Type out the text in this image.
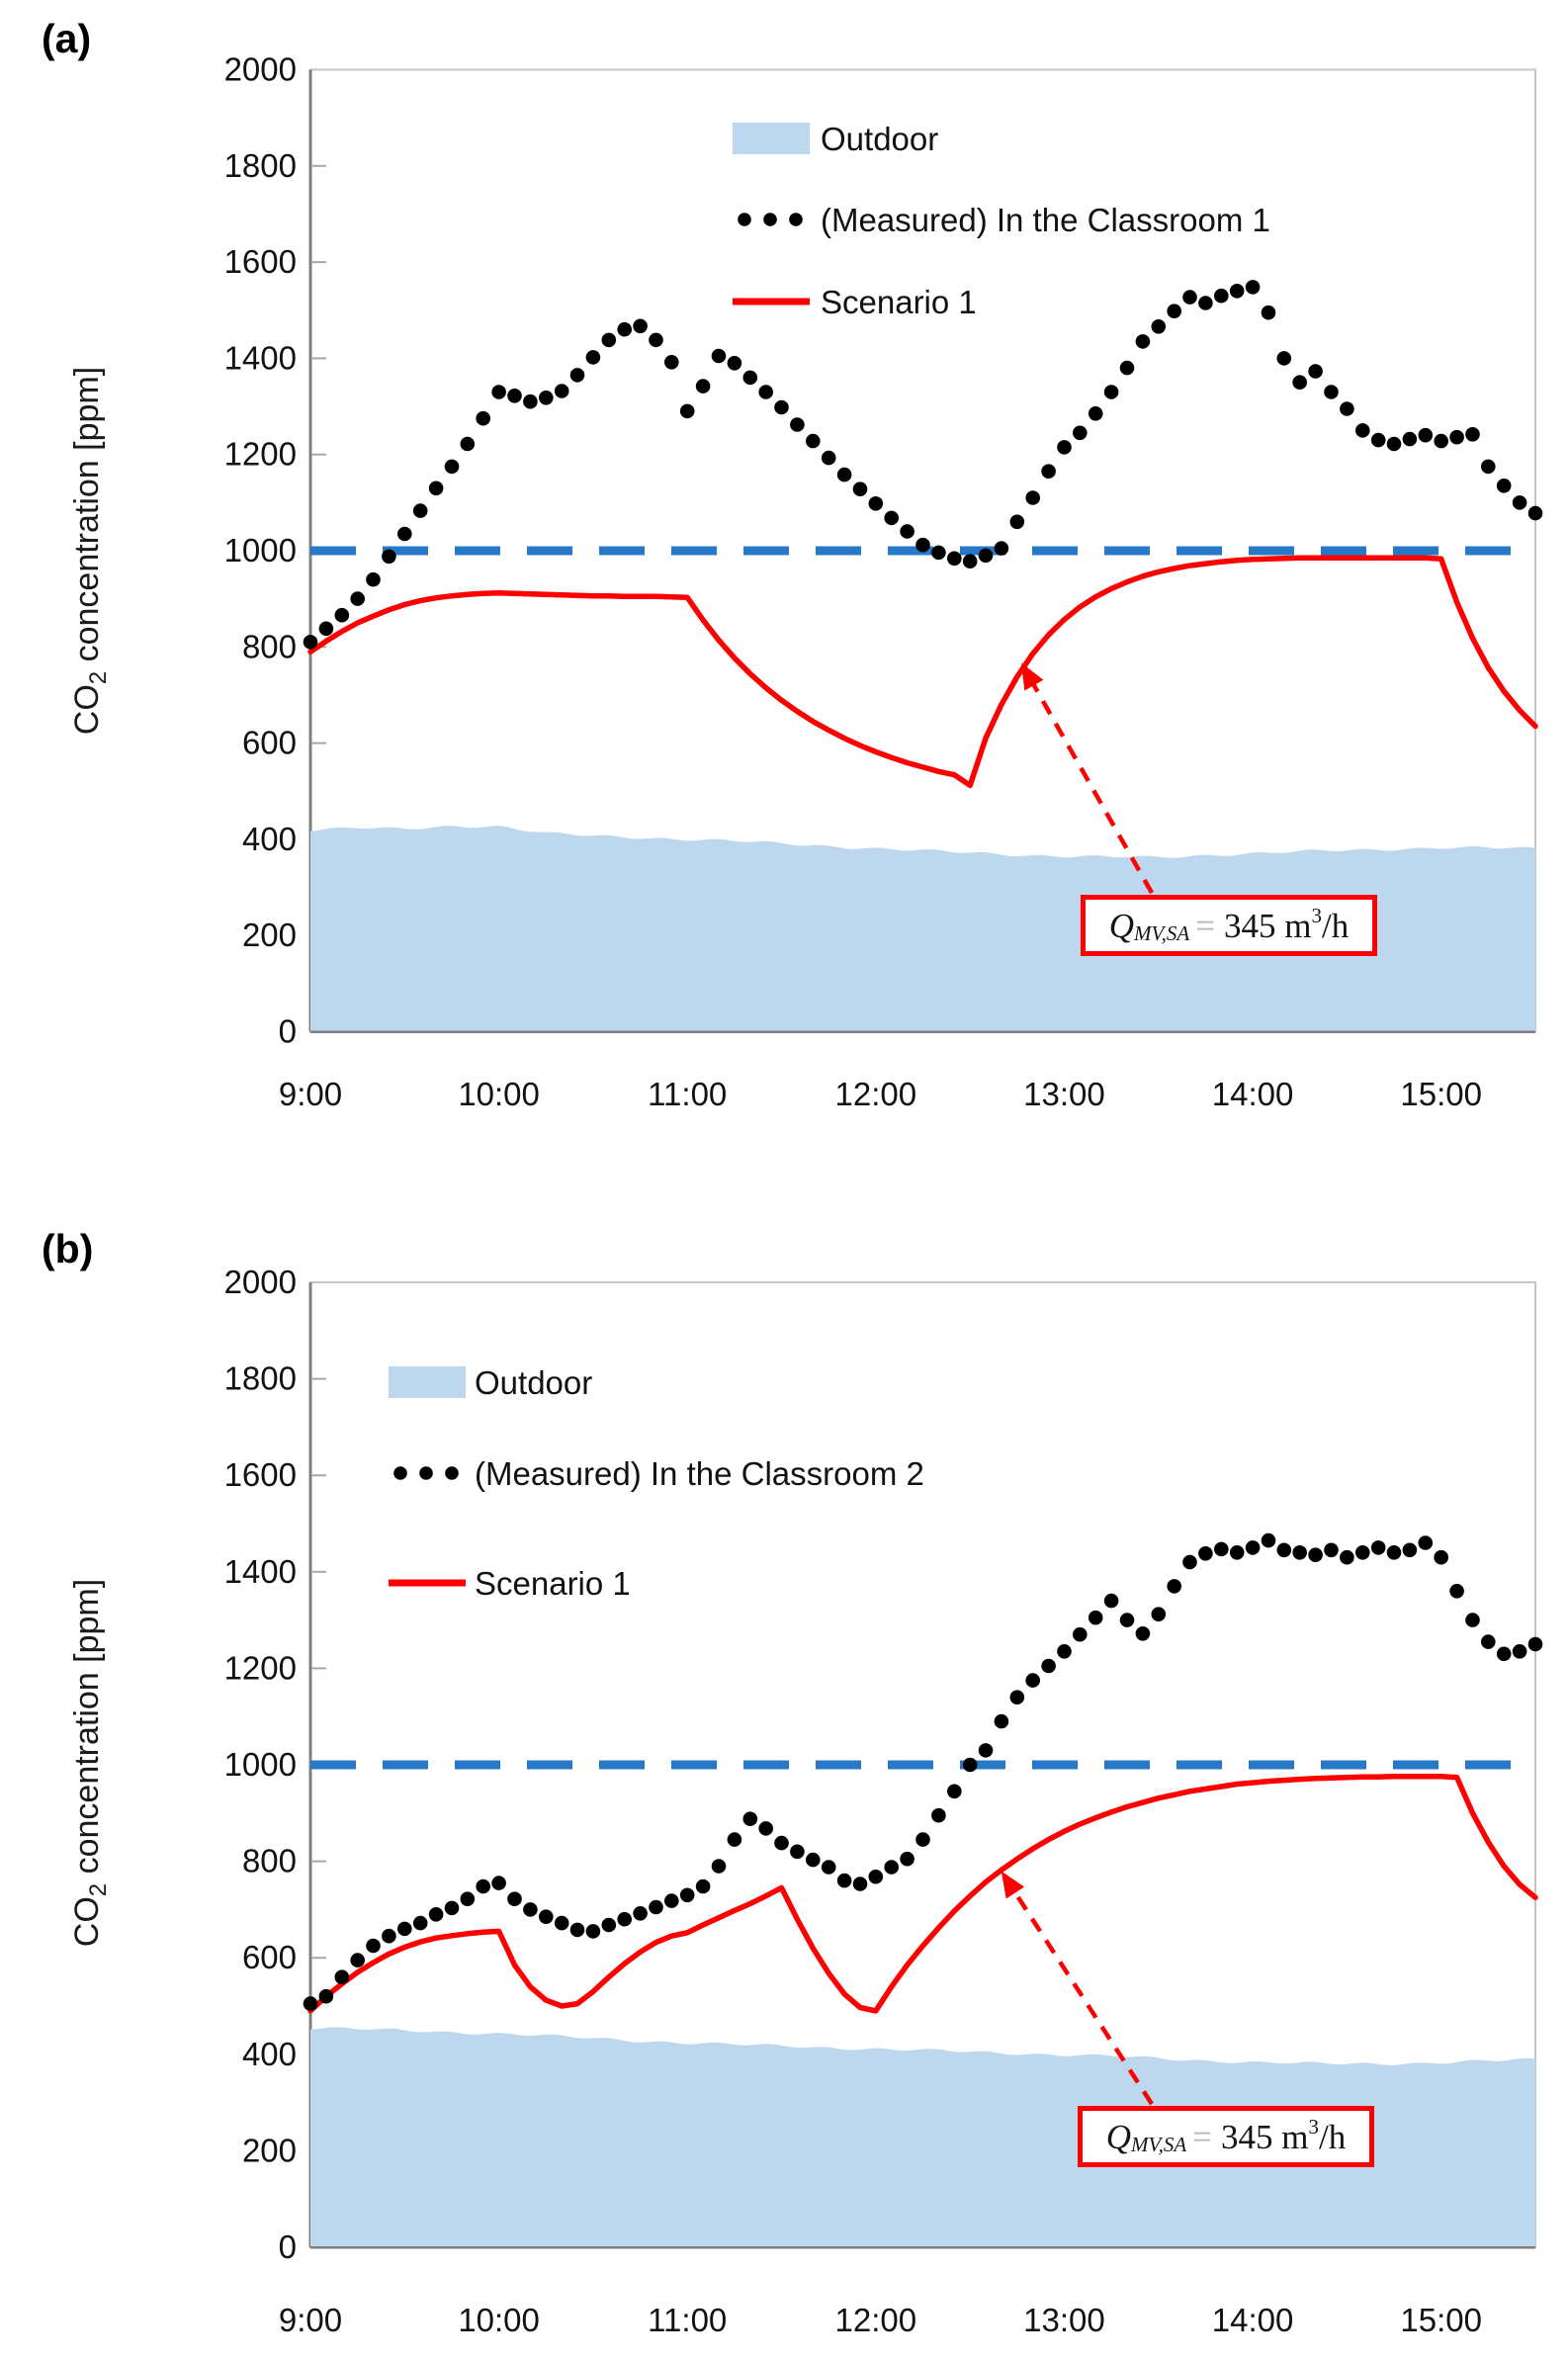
0
200
400
600
800
1000
1200
1400
1600
1800
2000
9:00	10:00	11:00	12:00	13:00	14:00	15:00
Outdoor
(Measured) In the Classroom 1
Scenario 1
0
200
400
600
800
1000
1200
1400
1600
1800
2000
9:00	10:00	11:00	12:00	13:00	14:00	15:00
Outdoor
(Measured) In the Classroom 2
Scenario 1
(a)
(b)
$CO_2$ concentration [ppm]
$CO_2$ concentration [ppm]
$Q_{MV,SA} = 345$ $m^3$ /h
$Q_{MV,SA} = 345$ $m^3$ /h
